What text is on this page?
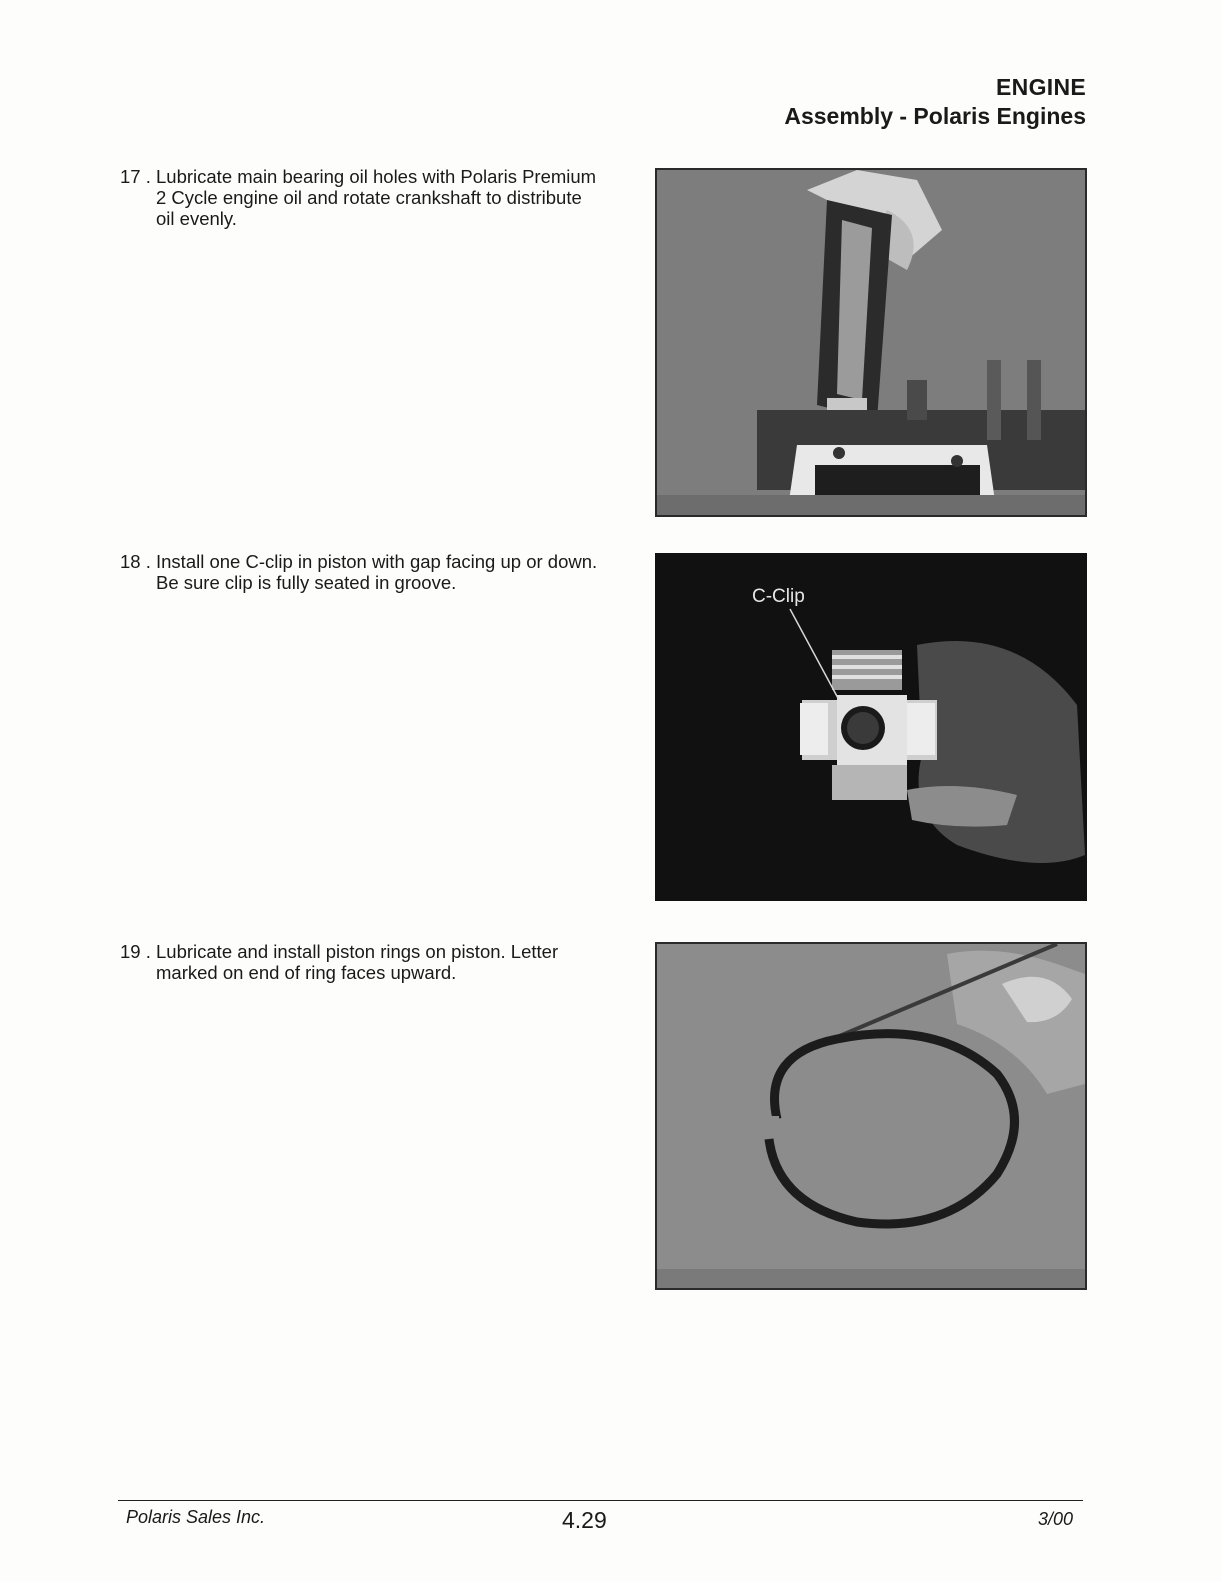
ENGINE
Assembly - Polaris Engines
17 . Lubricate main bearing oil holes with Polaris Premium 2 Cycle engine oil and rotate crankshaft to distribute oil evenly.
18 . Install one C-clip in piston with gap facing up or down. Be sure clip is fully seated in groove.
C-Clip
19 . Lubricate and install piston rings on piston. Letter marked on end of ring faces upward.
Polaris Sales Inc.	4.29	3/00
